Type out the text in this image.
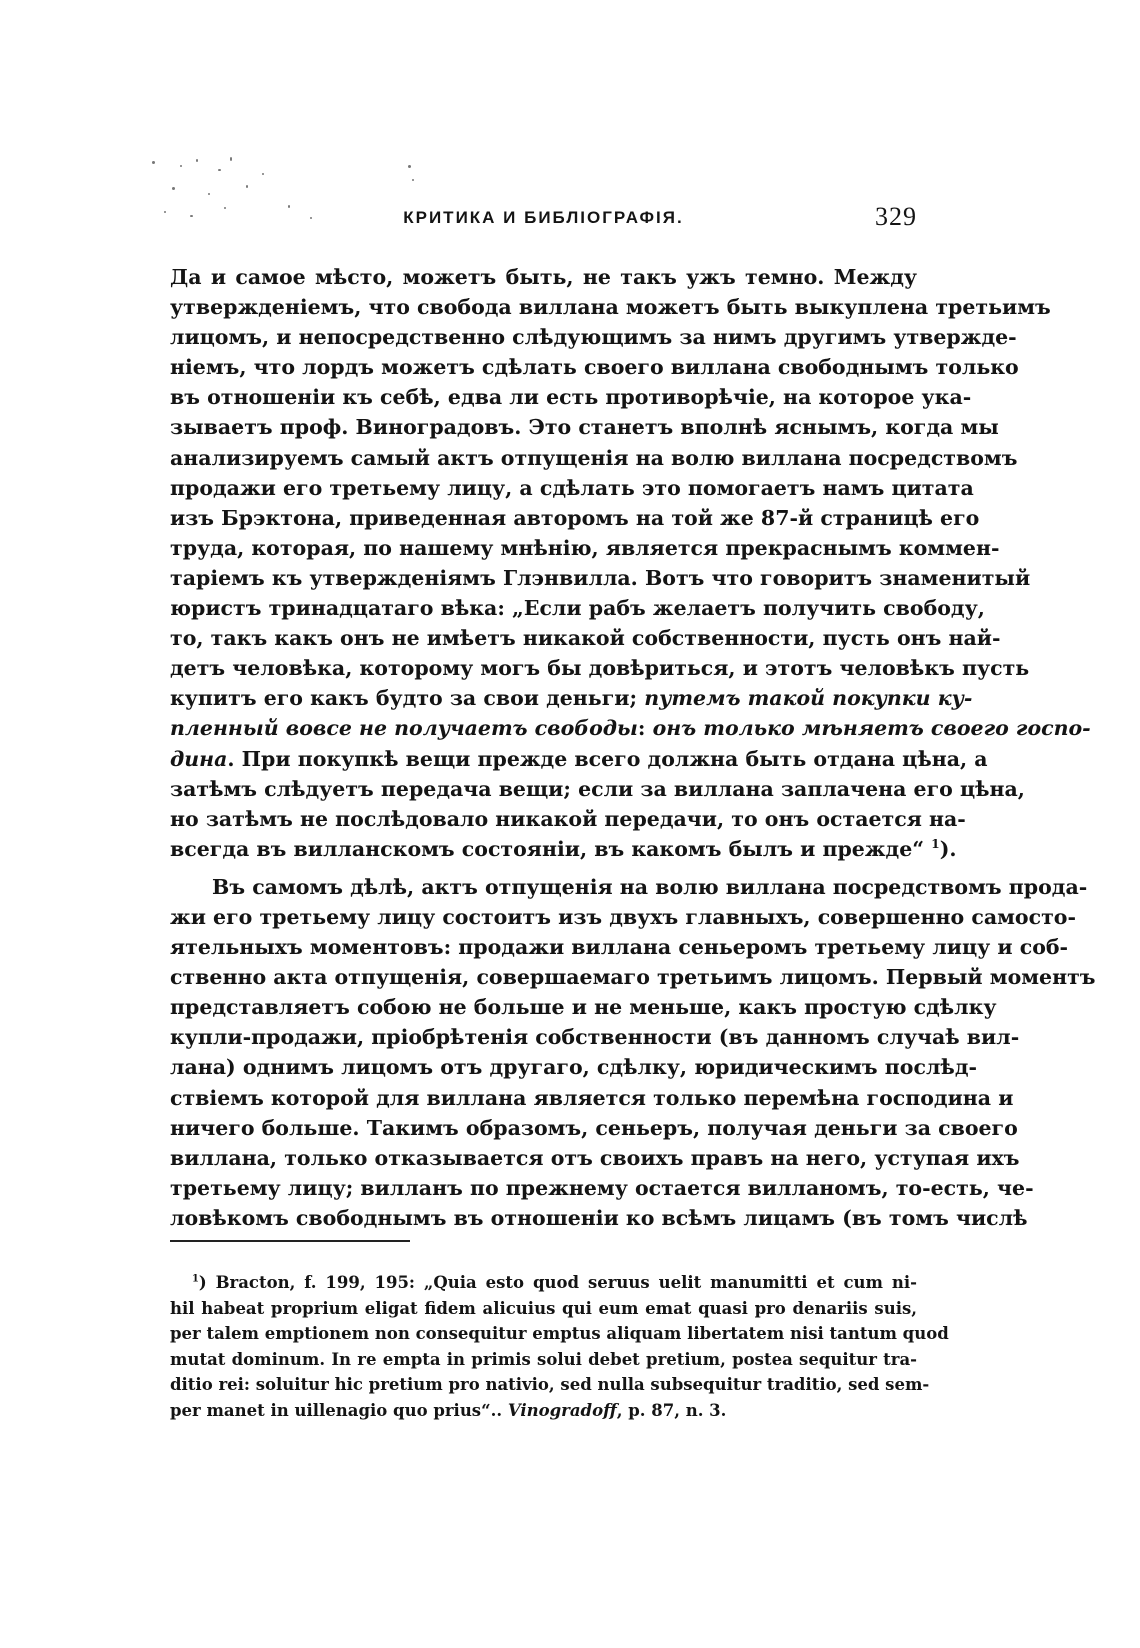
КРИТИКА И БИБЛІОГРАФІЯ.	329
Да и самое мѣсто, можетъ быть, не такъ ужъ темно. Между
утвержденіемъ, что свобода виллана можетъ быть выкуплена третьимъ
лицомъ, и непосредственно слѣдующимъ за нимъ другимъ утвержде-
ніемъ, что лордъ можетъ сдѣлать своего виллана свободнымъ только
въ отношеніи къ себѣ, едва ли есть противорѣчіе, на которое ука-
зываетъ проф. Виноградовъ. Это станетъ вполнѣ яснымъ, когда мы
анализируемъ самый актъ отпущенія на волю виллана посредствомъ
продажи его третьему лицу, а сдѣлать это помогаетъ намъ цитата
изъ Брэктона, приведенная авторомъ на той же 87-й страницѣ его
труда, которая, по нашему мнѣнію, является прекраснымъ коммен-
таріемъ къ утвержденіямъ Глэнвилла. Вотъ что говоритъ знаменитый
юристъ тринадцатаго вѣка: „Если рабъ желаетъ получить свободу,
то, такъ какъ онъ не имѣетъ никакой собственности, пусть онъ най-
детъ человѣка, которому могъ бы довѣриться, и этотъ человѣкъ пусть
купитъ его какъ будто за свои деньги; путемъ такой покупки ку-
пленный вовсе не получаетъ свободы: онъ только мѣняетъ своего госпо-
дина. При покупкѣ вещи прежде всего должна быть отдана цѣна, а
затѣмъ слѣдуетъ передача вещи; если за виллана заплачена его цѣна,
но затѣмъ не послѣдовало никакой передачи, то онъ остается на-
всегда въ вилланскомъ состояніи, въ какомъ былъ и прежде“ $^1$).
Въ самомъ дѣлѣ, актъ отпущенія на волю виллана посредствомъ прода-
жи его третьему лицу состоитъ изъ двухъ главныхъ, совершенно самосто-
ятельныхъ моментовъ: продажи виллана сеньеромъ третьему лицу и соб-
ственно акта отпущенія, совершаемаго третьимъ лицомъ. Первый моментъ
представляетъ собою не больше и не меньше, какъ простую сдѣлку
купли-продажи, пріобрѣтенія собственности (въ данномъ случаѣ вил-
лана) однимъ лицомъ отъ другаго, сдѣлку, юридическимъ послѣд-
ствіемъ которой для виллана является только перемѣна господина и
ничего больше. Такимъ образомъ, сеньеръ, получая деньги за своего
виллана, только отказывается отъ своихъ правъ на него, уступая ихъ
третьему лицу; вилланъ по прежнему остается вилланомъ, то-есть, че-
ловѣкомъ свободнымъ въ отношеніи ко всѣмъ лицамъ (въ томъ числѣ
$^1$) Bracton, f. 199, 195: „Quia esto quod seruus uelit manumitti et cum ni-
hil habeat proprium eligat fidem alicuius qui eum emat quasi pro denariis suis,
per talem emptionem non consequitur emptus aliquam libertatem nisi tantum quod
mutat dominum. In re empta in primis solui debet pretium, postea sequitur tra-
ditio rei: soluitur hic pretium pro nativio, sed nulla subsequitur traditio, sed sem-
per manet in uillenagio quo prius“.. Vinogradoff, p. 87, n. 3.
